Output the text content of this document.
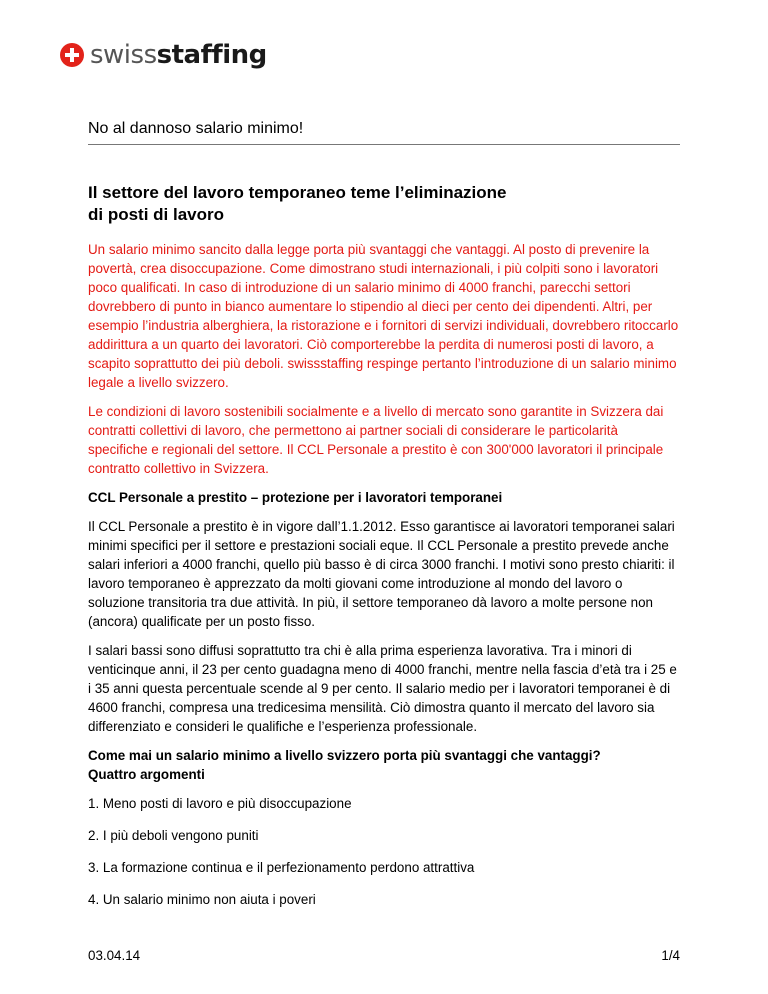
swissstaffing
No al dannoso salario minimo!
Il settore del lavoro temporaneo teme l’eliminazione
di posti di lavoro

Un salario minimo sancito dalla legge porta più svantaggi che vantaggi. Al posto di prevenire la povertà, crea disoccupazione. Come dimostrano studi internazionali, i più colpiti sono i lavoratori poco qualificati. In caso di introduzione di un salario minimo di 4000 franchi, parecchi settori dovrebbero di punto in bianco aumentare lo stipendio al dieci per cento dei dipendenti. Altri, per esempio l’industria alberghiera, la ristorazione e i fornitori di servizi individuali, dovrebbero ritoccarlo addirittura a un quarto dei lavoratori. Ciò comporterebbe la perdita di numerosi posti di lavoro, a scapito soprattutto dei più deboli. swissstaffing respinge pertanto l’introduzione di un salario minimo legale a livello svizzero.

Le condizioni di lavoro sostenibili socialmente e a livello di mercato sono garantite in Svizzera dai contratti collettivi di lavoro, che permettono ai partner sociali di considerare le particolarità specifiche e regionali del settore. Il CCL Personale a prestito è con 300'000 lavoratori il principale contratto collettivo in Svizzera.

CCL Personale a prestito – protezione per i lavoratori temporanei

Il CCL Personale a prestito è in vigore dall’1.1.2012. Esso garantisce ai lavoratori temporanei salari minimi specifici per il settore e prestazioni sociali eque. Il CCL Personale a prestito prevede anche salari inferiori a 4000 franchi, quello più basso è di circa 3000 franchi. I motivi sono presto chiariti: il lavoro temporaneo è apprezzato da molti giovani come introduzione al mondo del lavoro o soluzione transitoria tra due attività. In più, il settore temporaneo dà lavoro a molte persone non (ancora) qualificate per un posto fisso.

I salari bassi sono diffusi soprattutto tra chi è alla prima esperienza lavorativa. Tra i minori di venticinque anni, il 23 per cento guadagna meno di 4000 franchi, mentre nella fascia d’età tra i 25 e i 35 anni questa percentuale scende al 9 per cento. Il salario medio per i lavoratori temporanei è di 4600 franchi, compresa una tredicesima mensilità. Ciò dimostra quanto il mercato del lavoro sia differenziato e consideri le qualifiche e l’esperienza professionale.

Come mai un salario minimo a livello svizzero porta più svantaggi che vantaggi?
Quattro argomenti

1. Meno posti di lavoro e più disoccupazione

2. I più deboli vengono puniti

3. La formazione continua e il perfezionamento perdono attrattiva

4. Un salario minimo non aiuta i poveri

03.04.14	1/4
